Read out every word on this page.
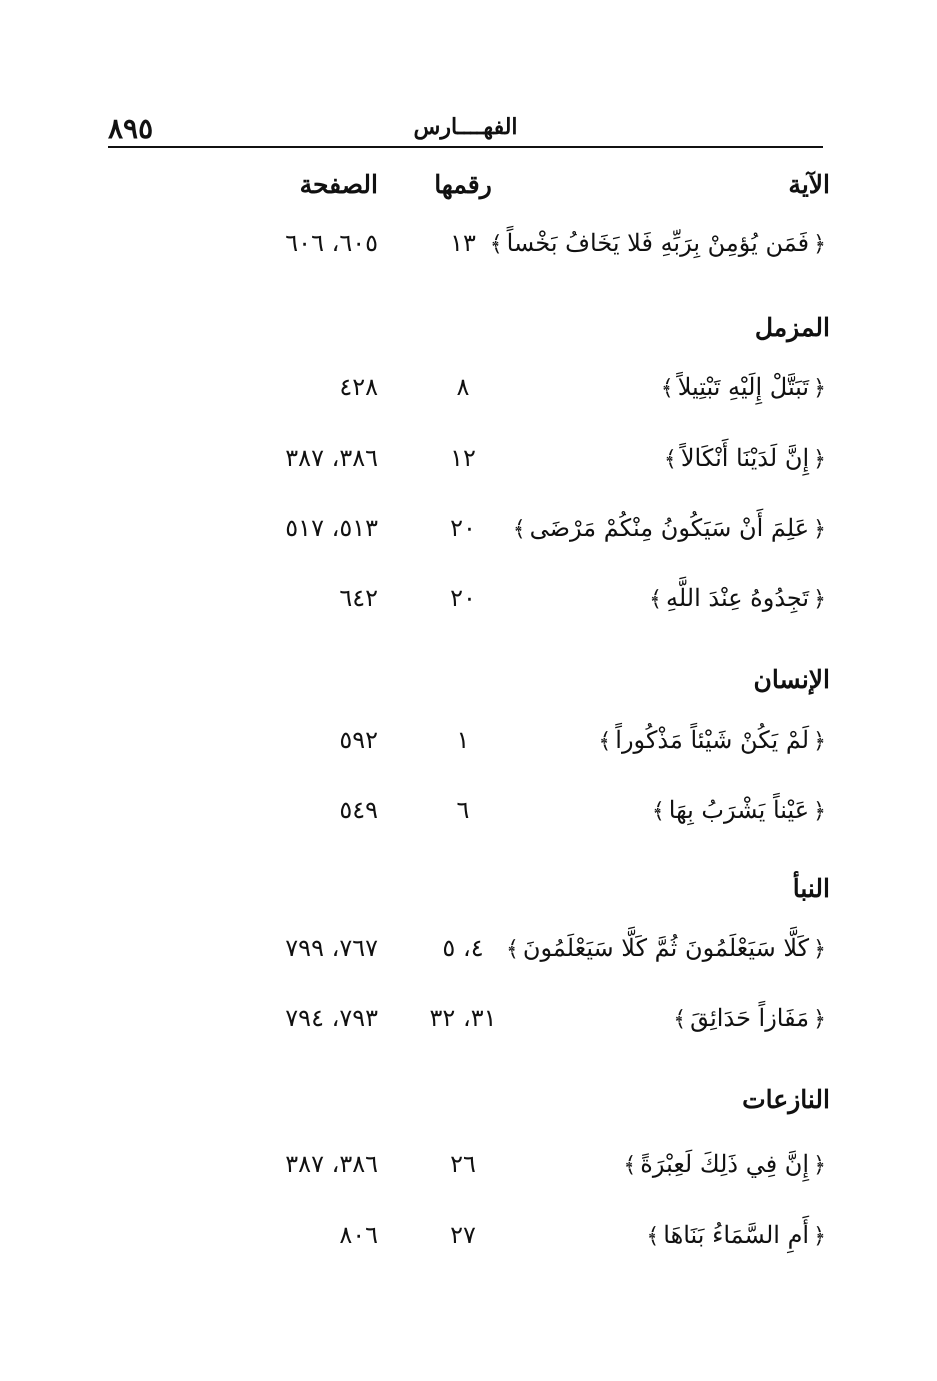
٨٩٥	الفهــــارس
الآية
رقمها
الصفحة
﴿فَمَن يُؤمِنْ بِرَبِّهِ فَلا يَخَافُ بَخْساً﴾
١٣
٦٠٥، ٦٠٦
المزمل
﴿تَبَتَّلْ إِلَيْهِ تَبْتِيلاً﴾
٨
٤٢٨
﴿إِنَّ لَدَيْنَا أَنْكَالاً﴾
١٢
٣٨٦، ٣٨٧
﴿عَلِمَ أَنْ سَيَكُونُ مِنْكُمْ مَرْضَى﴾
٢٠
٥١٣، ٥١٧
﴿تَجِدُوهُ عِنْدَ اللَّهِ﴾
٢٠
٦٤٢
الإنسان
﴿لَمْ يَكُنْ شَيْئاً مَذْكُوراً﴾
١
٥٩٢
﴿عَيْناً يَشْرَبُ بِهَا﴾
٦
٥٤٩
النبأ
﴿كَلَّا سَيَعْلَمُونَ ثُمَّ كَلَّا سَيَعْلَمُونَ﴾
٤، ٥
٧٦٧، ٧٩٩
﴿مَفَازاً حَدَائِقَ﴾
٣١، ٣٢
٧٩٣، ٧٩٤
النازعات
﴿إِنَّ فِي ذَلِكَ لَعِبْرَةً﴾
٢٦
٣٨٦، ٣٨٧
﴿أَمِ السَّمَاءُ بَنَاهَا﴾
٢٧
٨٠٦
